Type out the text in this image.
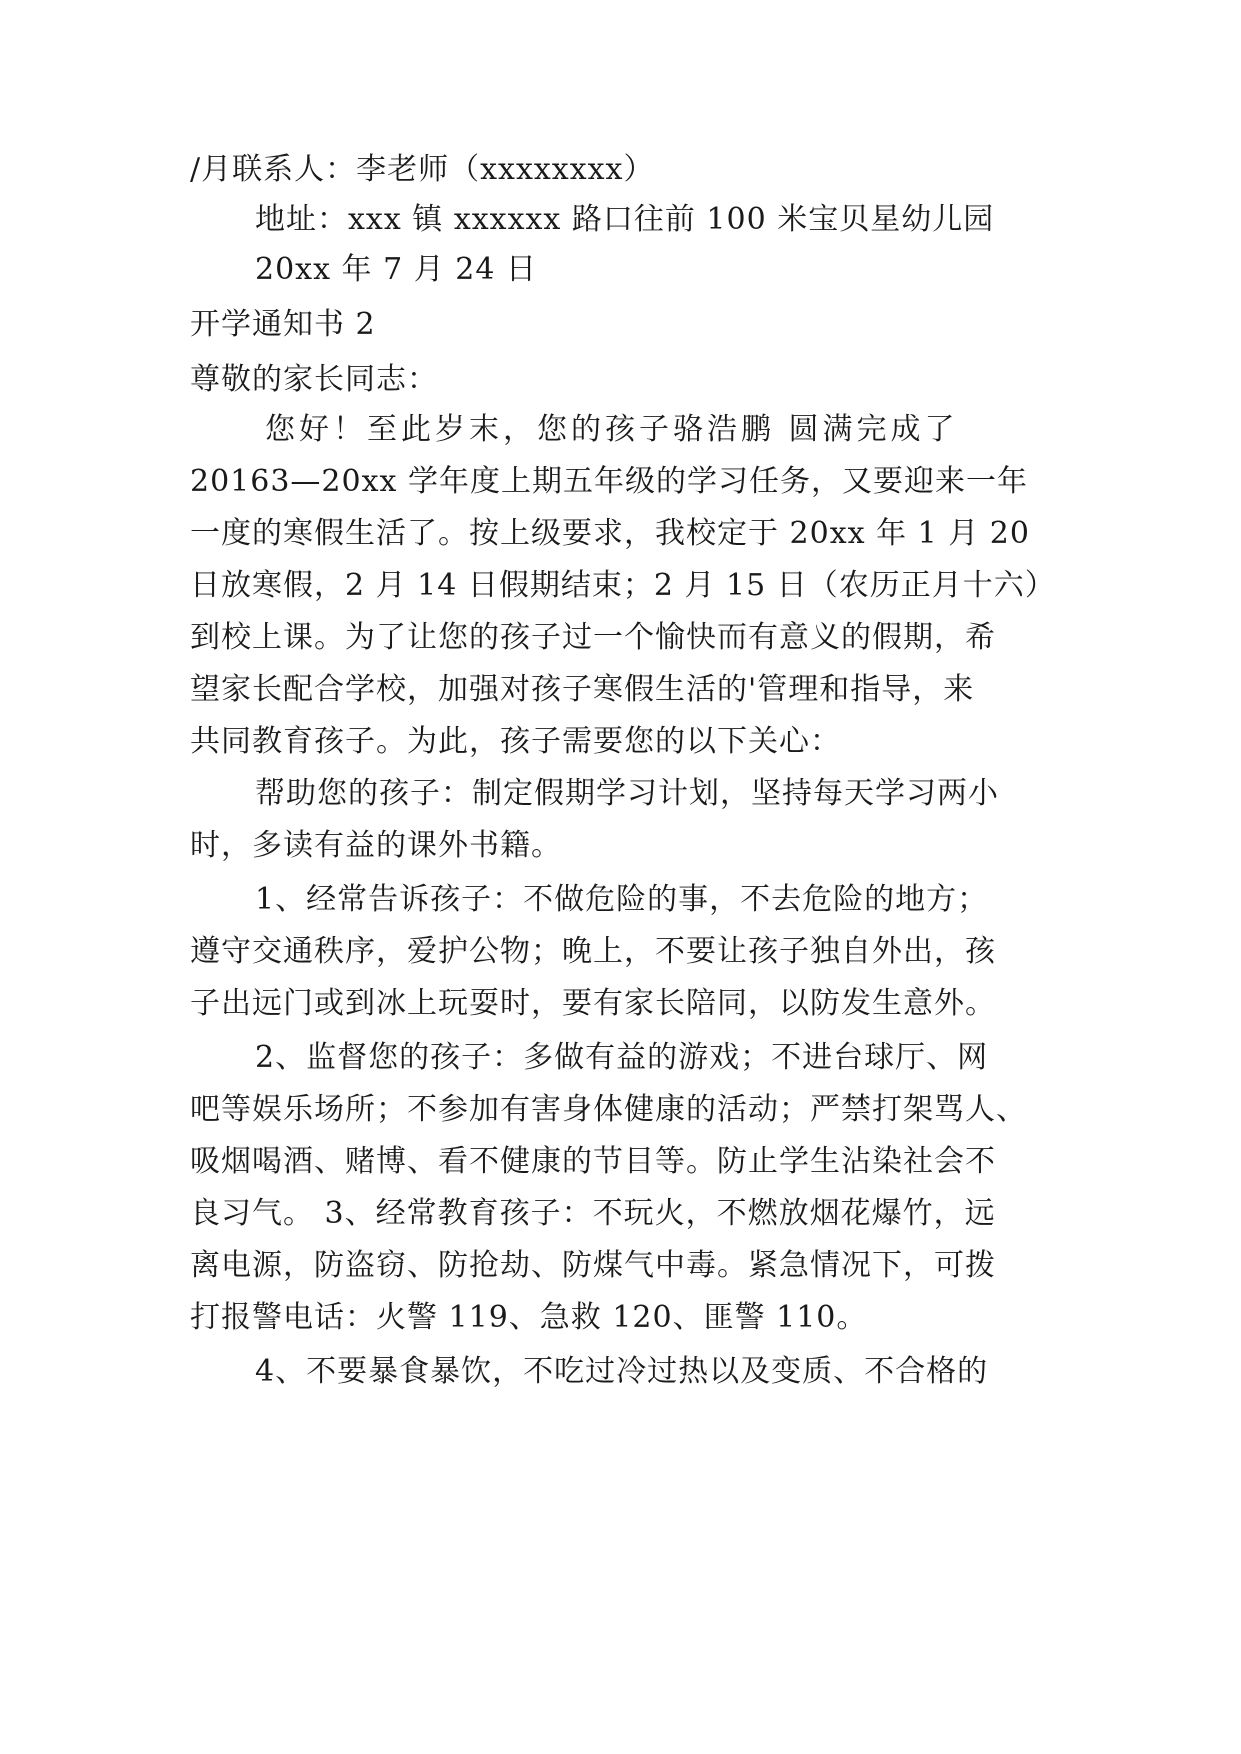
/月联系人：李老师（xxxxxxxx）
地址：xxx 镇 xxxxxx 路口往前 100 米宝贝星幼儿园
20xx 年 7 月 24 日
开学通知书 2
尊敬的家长同志：
您好！至此岁末，您的孩子骆浩鹏 圆满完成了
20163—20xx 学年度上期五年级的学习任务，又要迎来一年
一度的寒假生活了。按上级要求，我校定于 20xx 年 1 月 20
日放寒假，2 月 14 日假期结束；2 月 15 日（农历正月十六）
到校上课。为了让您的孩子过一个愉快而有意义的假期，希
望家长配合学校，加强对孩子寒假生活的'管理和指导，来
共同教育孩子。为此，孩子需要您的以下关心：
帮助您的孩子：制定假期学习计划，坚持每天学习两小
时，多读有益的课外书籍。
1、经常告诉孩子：不做危险的事，不去危险的地方；
遵守交通秩序，爱护公物；晚上，不要让孩子独自外出，孩
子出远门或到冰上玩耍时，要有家长陪同，以防发生意外。
2、监督您的孩子：多做有益的游戏；不进台球厅、网
吧等娱乐场所；不参加有害身体健康的活动；严禁打架骂人、
吸烟喝酒、赌博、看不健康的节目等。防止学生沾染社会不
良习气。 3、经常教育孩子：不玩火，不燃放烟花爆竹，远
离电源，防盗窃、防抢劫、防煤气中毒。紧急情况下，可拨
打报警电话：火警 119、急救 120、匪警 110。
4、不要暴食暴饮，不吃过冷过热以及变质、不合格的
